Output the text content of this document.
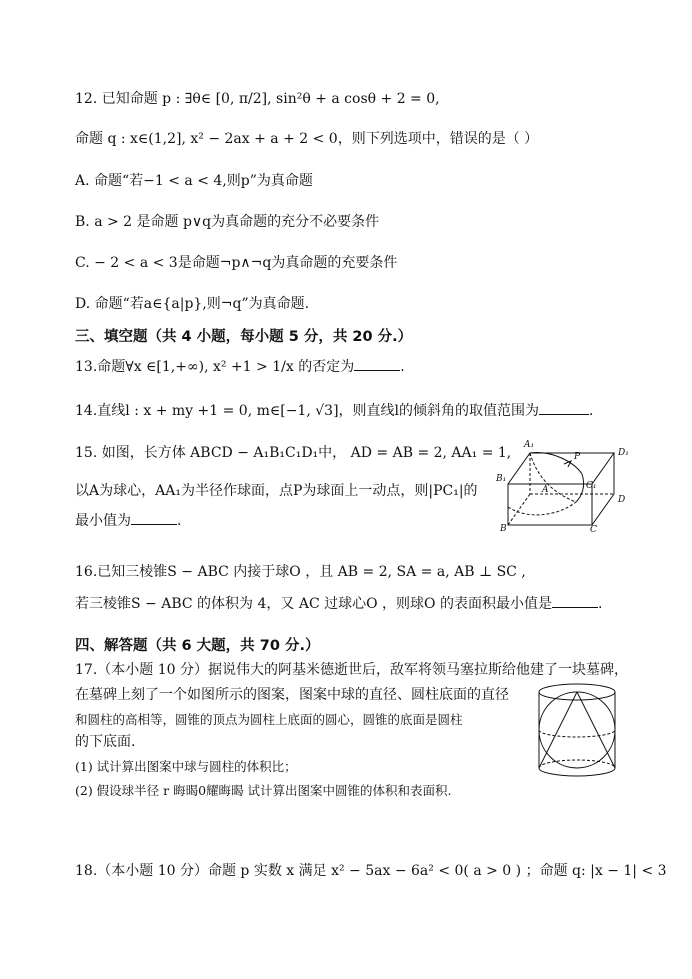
12. 已知命题 p : ∃θ∈ [0, π/2], sin²θ + a cosθ + 2 = 0,
命题 q : x∈(1,2], x² − 2ax + a + 2 < 0，则下列选项中，错误的是（ ）
A. 命题“若−1 < a < 4,则p”为真命题
B. a > 2 是命题 p∨q为真命题的充分不必要条件
C. − 2 < a < 3是命题¬p∧¬q为真命题的充要条件
D. 命题“若a∈{a|p},则¬q”为真命题.
三、填空题（共 4 小题，每小题 5 分，共 20 分.）
13.命题∀x ∈[1,+∞), x² +1 > 1/x 的否定为	.
14.直线l : x + my +1 = 0, m∈[−1, √3]，则直线l的倾斜角的取值范围为	.
15. 如图，长方体 ABCD − A₁B₁C₁D₁中， AD = AB = 2, AA₁ = 1,
以A为球心，AA₁为半径作球面，点P为球面上一动点，则|PC₁|的
最小值为	.
A₁
D₁
B₁
C₁
P
A
D
B	C
16.已知三棱锥S − ABC 内接于球O ，且 AB = 2, SA = a, AB ⊥ SC ,
若三棱锥S − ABC 的体积为 4，又 AC 过球心O ，则球O 的表面积最小值是	.
四、解答题（共 6 大题，共 70 分.）
17.（本小题 10 分）据说伟大的阿基米德逝世后，敌军将领马塞拉斯给他建了一块墓碑，
在墓碑上刻了一个如图所示的图案，图案中球的直径、圆柱底面的直径
和圆柱的高相等，圆锥的顶点为圆柱上底面的圆心，圆锥的底面是圆柱
的下底面.
(1) 试计算出图案中球与圆柱的体积比；
(2) 假设球半径 r 晦暍0耀晦暍 试计算出图案中圆锥的体积和表面积.
18.（本小题 10 分）命题 p 实数 x 满足 x² − 5ax − 6a² < 0( a > 0 ) ；命题 q: |x − 1| < 3
